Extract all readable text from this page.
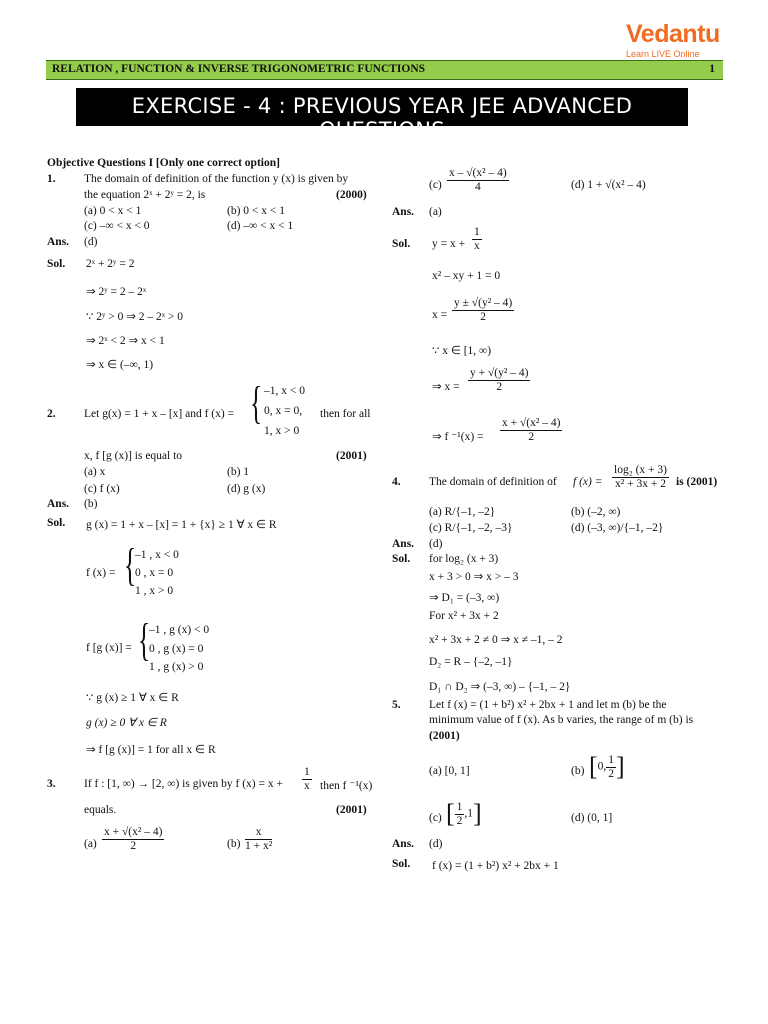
Vedantu
Learn LIVE Online
RELATION , FUNCTION & INVERSE TRIGONOMETRIC FUNCTIONS	1
EXERCISE - 4 : PREVIOUS YEAR JEE ADVANCED QUESTIONS
Objective Questions I [Only one correct option]
1. The domain of definition of the function y (x) is given by
the equation 2ˣ + 2ʸ = 2, is	(2000)
(a) 0 < x < 1	(b) 0 < x < 1
(c) –∞ < x < 0	(d) –∞ < x < 1
Ans. (d)
Sol. 2ˣ + 2ʸ = 2
⇒ 2ʸ = 2 – 2ˣ
∵ 2ʸ > 0 ⇒ 2 – 2ˣ > 0
⇒ 2ˣ < 2 ⇒ x < 1
⇒ x ∈ (–∞, 1)
2. Let g(x) = 1 + x – [x] and f (x) = { –1, x < 0
0, x = 0,
1, x > 0
then for all
x, f [g (x)] is equal to	(2001)
(a) x	(b) 1
(c) f (x)	(d) g (x)
Ans. (b)
Sol. g (x) = 1 + x – [x] = 1 + {x} ≥ 1 ∀ x ∈ R
f (x) = {
–1 , x < 0
0 , x = 0
1 , x > 0
f [g (x)] = {
–1 , g (x) < 0
0 , g (x) = 0
1 , g (x) > 0
∵ g (x) ≥ 1 ∀ x ∈ R
g (x) ≥ 0 ∀ x ∈ R
⇒ f [g (x)] = 1 for all x ∈ R
3. If f : [1, ∞) → [2, ∞) is given by f $(x) = x + \frac{1}{x}$ then f ⁻¹(x)
equals.	(2001)
$(a) \frac{\text{x + √(x² – 4)}}{2}$	$(b) \frac{x}{\text{1 + x²}}$
$(c) \frac{\text{x – √(x² – 4)}}{4}$	(d) 1 + √(x² – 4)
Ans. (a)
Sol. $y = x + \frac{1}{x}$
x² – xy + 1 = 0
$x = \frac{\text{y ± √(y² – 4)}}{2}$
∵ x ∈ [1, ∞)
⇒ $x = \frac{\text{y + √(y² – 4)}}{2}$
⇒ f $^{-1}(x) = \frac{\text{x + √(x² – 4)}}{2}$
4. The domain of definition of f $(x) = \frac{\text{log₂ (x + 3)}}{\text{x² + 3x + 2}}$ is (2001)
(a) R/{–1, –2}	(b) (–2, ∞)
(c) R/{–1, –2, –3}	(d) (–3, ∞)/{–1, –2}
Ans. (d)
Sol. for log₂ (x + 3)
x + 3 > 0 ⇒ x > – 3
⇒ D₁ = (–3, ∞)
For x² + 3x + 2
x² + 3x + 2 ≠ 0 ⇒ x ≠ –1, – 2
D₂ = R – {–2, –1}
D₁ ∩ D₂ ⇒ (–3, ∞) – {–1, – 2}
5. Let f (x) = (1 + b²) x² + 2bx + 1 and let m (b) be the
minimum value of f (x). As b varies, the range of m (b) is
(2001)
(a) [0, 1]	(b) [0, $\frac{1}{2}$ ]
(c) [ $\frac{1}{2} ,1$]	(d) (0, 1]
Ans. (d)
Sol. f (x) = (1 + b²) x² + 2bx + 1
